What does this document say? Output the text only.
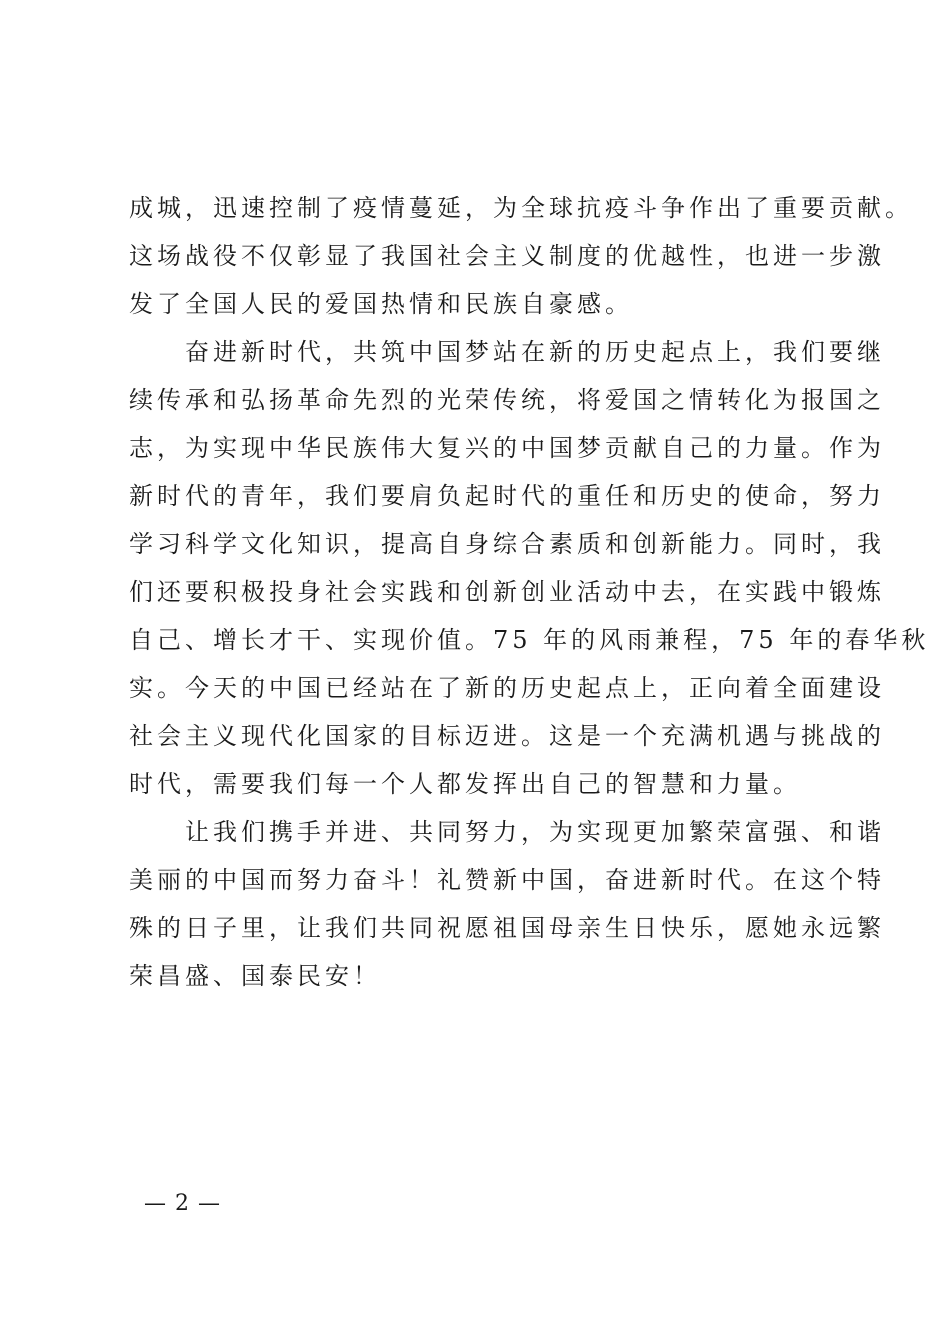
成城，迅速控制了疫情蔓延，为全球抗疫斗争作出了重要贡献。
这场战役不仅彰显了我国社会主义制度的优越性，也进一步激
发了全国人民的爱国热情和民族自豪感。
　　奋进新时代，共筑中国梦站在新的历史起点上，我们要继
续传承和弘扬革命先烈的光荣传统，将爱国之情转化为报国之
志，为实现中华民族伟大复兴的中国梦贡献自己的力量。作为
新时代的青年，我们要肩负起时代的重任和历史的使命，努力
学习科学文化知识，提高自身综合素质和创新能力。同时，我
们还要积极投身社会实践和创新创业活动中去，在实践中锻炼
自己、增长才干、实现价值。75 年的风雨兼程，75 年的春华秋
实。今天的中国已经站在了新的历史起点上，正向着全面建设
社会主义现代化国家的目标迈进。这是一个充满机遇与挑战的
时代，需要我们每一个人都发挥出自己的智慧和力量。
　　让我们携手并进、共同努力，为实现更加繁荣富强、和谐
美丽的中国而努力奋斗！礼赞新中国，奋进新时代。在这个特
殊的日子里，让我们共同祝愿祖国母亲生日快乐，愿她永远繁
荣昌盛、国泰民安！
— 2 —
